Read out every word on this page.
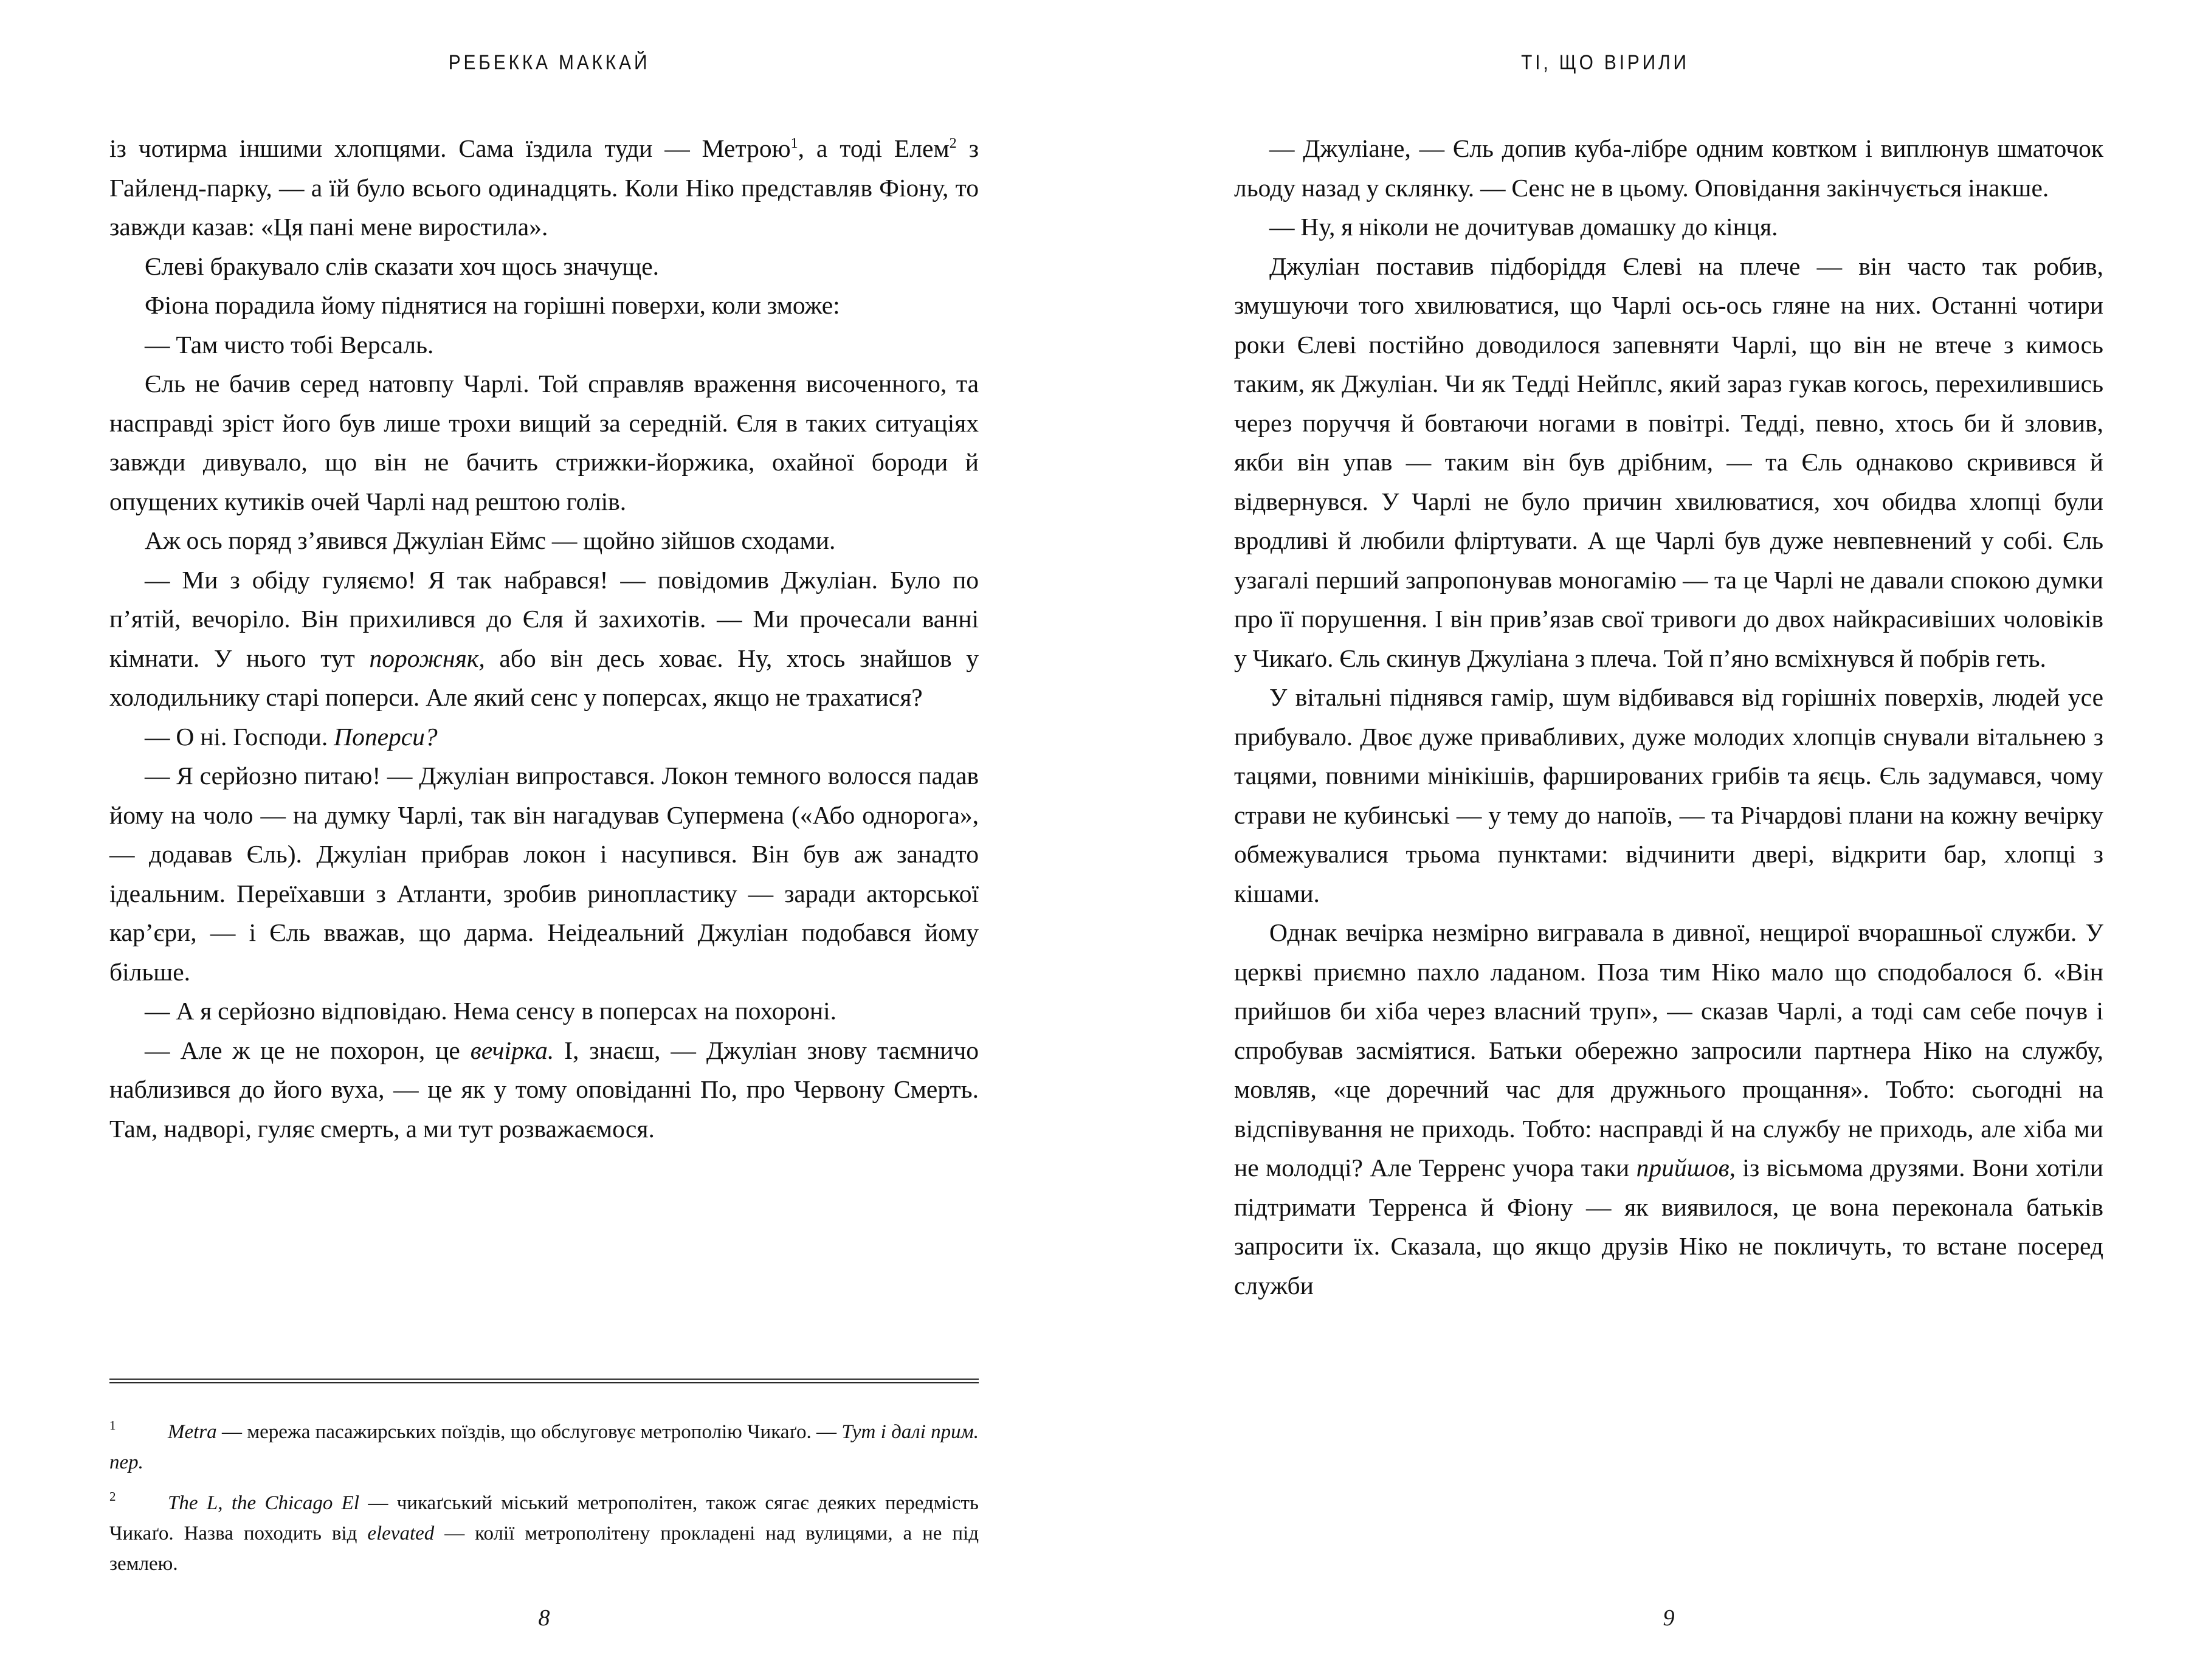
РЕБЕККА МАККАЙ

із чотирма іншими хлопцями. Сама їздила туди — Метрою$^1$, а тоді Елем$^2$ з Гайленд-парку, — а їй було всього одинадцять. Коли Ніко представляв Фіону, то завжди казав: «Ця пані мене виростила».

Єлеві бракувало слів сказати хоч щось значуще.

Фіона порадила йому піднятися на горішні поверхи, коли зможе:

— Там чисто тобі Версаль.

Єль не бачив серед натовпу Чарлі. Той справляв враження височенного, та насправді зріст його був лише трохи вищий за середній. Єля в таких ситуаціях завжди дивувало, що він не бачить стрижки-йоржика, охайної бороди й опущених кутиків очей Чарлі над рештою голів.

Аж ось поряд з’явився Джуліан Еймс — щойно зійшов сходами.

— Ми з обіду гуляємо! Я так набрався! — повідомив Джуліан. Було по п’ятій, вечоріло. Він прихилився до Єля й захихотів. — Ми прочесали ванні кімнати. У нього тут порожняк, або він десь ховає. Ну, хтось знайшов у холодильнику старі поперси. Але який сенс у поперсах, якщо не трахатися?

— О ні. Господи. Поперси?

— Я серйозно питаю! — Джуліан випростався. Локон темного волосся падав йому на чоло — на думку Чарлі, так він нагадував Супермена («Або однорога», — додавав Єль). Джуліан прибрав локон і насупився. Він був аж занадто ідеальним. Переїхавши з Атланти, зробив ринопластику — заради акторської кар’єри, — і Єль вважав, що дарма. Неідеальний Джуліан подобався йому більше.

— А я серйозно відповідаю. Нема сенсу в поперсах на похороні.

— Але ж це не похорон, це вечірка. І, знаєш, — Джуліан знову таємничо наблизився до його вуха, — це як у тому оповіданні По, про Червону Смерть. Там, надворі, гуляє смерть, а ми тут розважаємося.

1	Metra — мережа пасажирських поїздів, що обслуговує метрополію Чикаґо. — Тут і далі прим. пер.

2	The L, the Chicago El — чикаґський міський метрополітен, також сягає деяких передмість Чикаґо. Назва походить від elevated — колії метрополітену прокладені над вулицями, а не під землею.

8
ТІ, ЩО ВІРИЛИ

— Джуліане, — Єль допив куба-лібре одним ковтком і виплюнув шматочок льоду назад у склянку. — Сенс не в цьому. Оповідання закінчується інакше.

— Ну, я ніколи не дочитував домашку до кінця.

Джуліан поставив підборіддя Єлеві на плече — він часто так робив, змушуючи того хвилюватися, що Чарлі ось-ось гляне на них. Останні чотири роки Єлеві постійно доводилося запевняти Чарлі, що він не втече з кимось таким, як Джуліан. Чи як Тедді Нейплс, який зараз гукав когось, перехилившись через поруччя й бовтаючи ногами в повітрі. Тедді, певно, хтось би й зловив, якби він упав — таким він був дрібним, — та Єль однаково скривився й відвернувся. У Чарлі не було причин хвилюватися, хоч обидва хлопці були вродливі й любили фліртувати. А ще Чарлі був дуже невпевнений у собі. Єль узагалі перший запропонував моногамію — та це Чарлі не давали спокою думки про її порушення. І він прив’язав свої тривоги до двох найкрасивіших чоловіків у Чикаґо. Єль скинув Джуліана з плеча. Той п’яно всміхнувся й побрів геть.

У вітальні піднявся гамір, шум відбивався від горішніх поверхів, людей усе прибувало. Двоє дуже привабливих, дуже молодих хлопців снували вітальнею з тацями, повними мінікішів, фаршированих грибів та яєць. Єль задумався, чому страви не кубинські — у тему до напоїв, — та Річардові плани на кожну вечірку обмежувалися трьома пунктами: відчинити двері, відкрити бар, хлопці з кішами.

Однак вечірка незмірно вигравала в дивної, нещирої вчорашньої служби. У церкві приємно пахло ладаном. Поза тим Ніко мало що сподобалося б. «Він прийшов би хіба через власний труп», — сказав Чарлі, а тоді сам себе почув і спробував засміятися. Батьки обережно запросили партнера Ніко на службу, мовляв, «це доречний час для дружнього прощання». Тобто: сьогодні на відспівування не приходь. Тобто: насправді й на службу не приходь, але хіба ми не молодці? Але Терренс учора таки прийшов, із вісьмома друзями. Вони хотіли підтримати Терренса й Фіону — як виявилося, це вона переконала батьків запросити їх. Сказала, що якщо друзів Ніко не покличуть, то встане посеред служби

9
